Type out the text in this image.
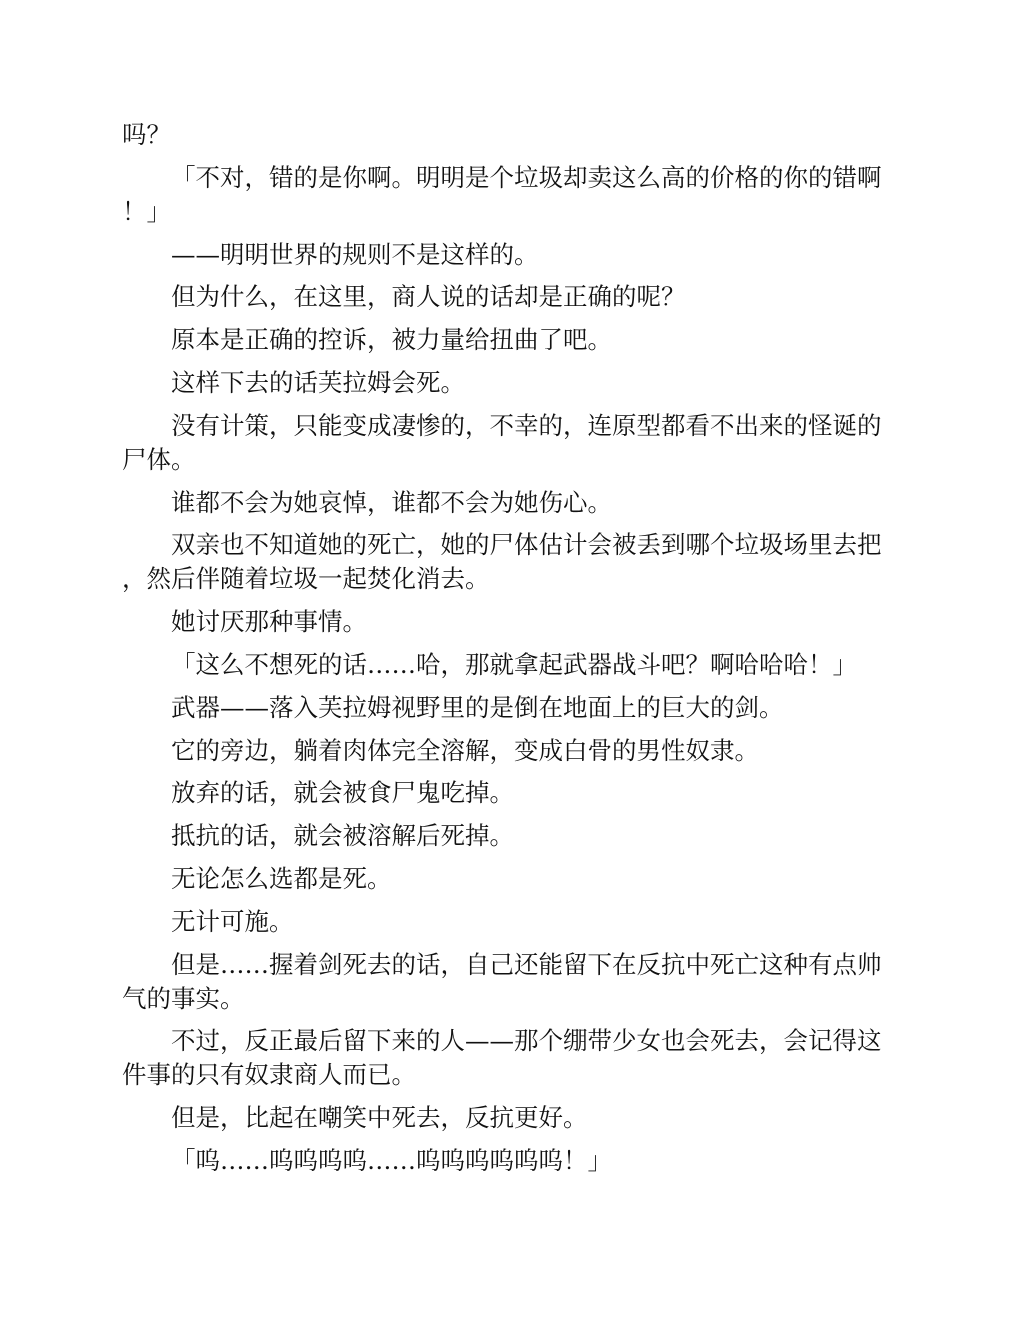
吗？

「不对，错的是你啊。明明是个垃圾却卖这么高的价格的你的错啊！」

——明明世界的规则不是这样的。

但为什么，在这里，商人说的话却是正确的呢？

原本是正确的控诉，被力量给扭曲了吧。

这样下去的话芙拉姆会死。

没有计策，只能变成凄惨的，不幸的，连原型都看不出来的怪诞的尸体。

谁都不会为她哀悼，谁都不会为她伤心。

双亲也不知道她的死亡，她的尸体估计会被丢到哪个垃圾场里去把，然后伴随着垃圾一起焚化消去。

她讨厌那种事情。

「这么不想死的话……哈，那就拿起武器战斗吧？啊哈哈哈！」

武器——落入芙拉姆视野里的是倒在地面上的巨大的剑。

它的旁边，躺着肉体完全溶解，变成白骨的男性奴隶。

放弃的话，就会被食尸鬼吃掉。

抵抗的话，就会被溶解后死掉。

无论怎么选都是死。

无计可施。

但是……握着剑死去的话，自己还能留下在反抗中死亡这种有点帅气的事实。

不过，反正最后留下来的人——那个绷带少女也会死去，会记得这件事的只有奴隶商人而已。

但是，比起在嘲笑中死去，反抗更好。

「呜……呜呜呜呜……呜呜呜呜呜呜！」
